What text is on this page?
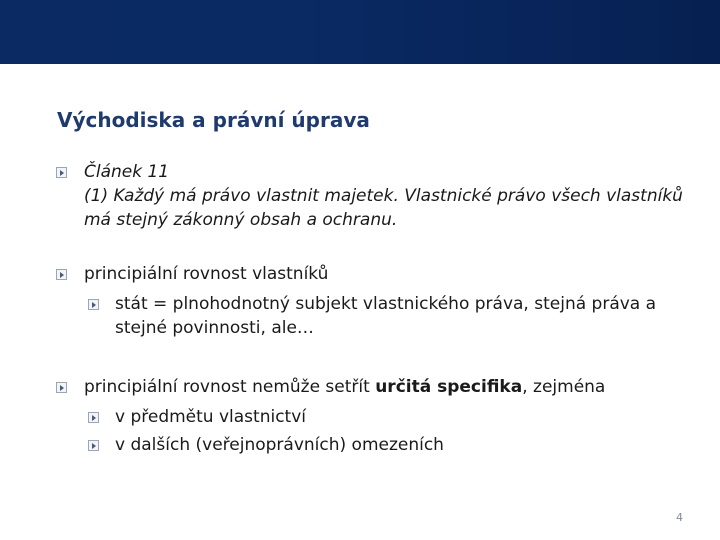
Východiska a právní úprava
Článek 11
(1) Každý má právo vlastnit majetek. Vlastnické právo všech vlastníků
má stejný zákonný obsah a ochranu.
principiální rovnost vlastníků
stát = plnohodnotný subjekt vlastnického práva, stejná práva a
stejné povinnosti, ale…
principiální rovnost nemůže setřít určitá specifika, zejména
v předmětu vlastnictví
v dalších (veřejnoprávních) omezeních
4
